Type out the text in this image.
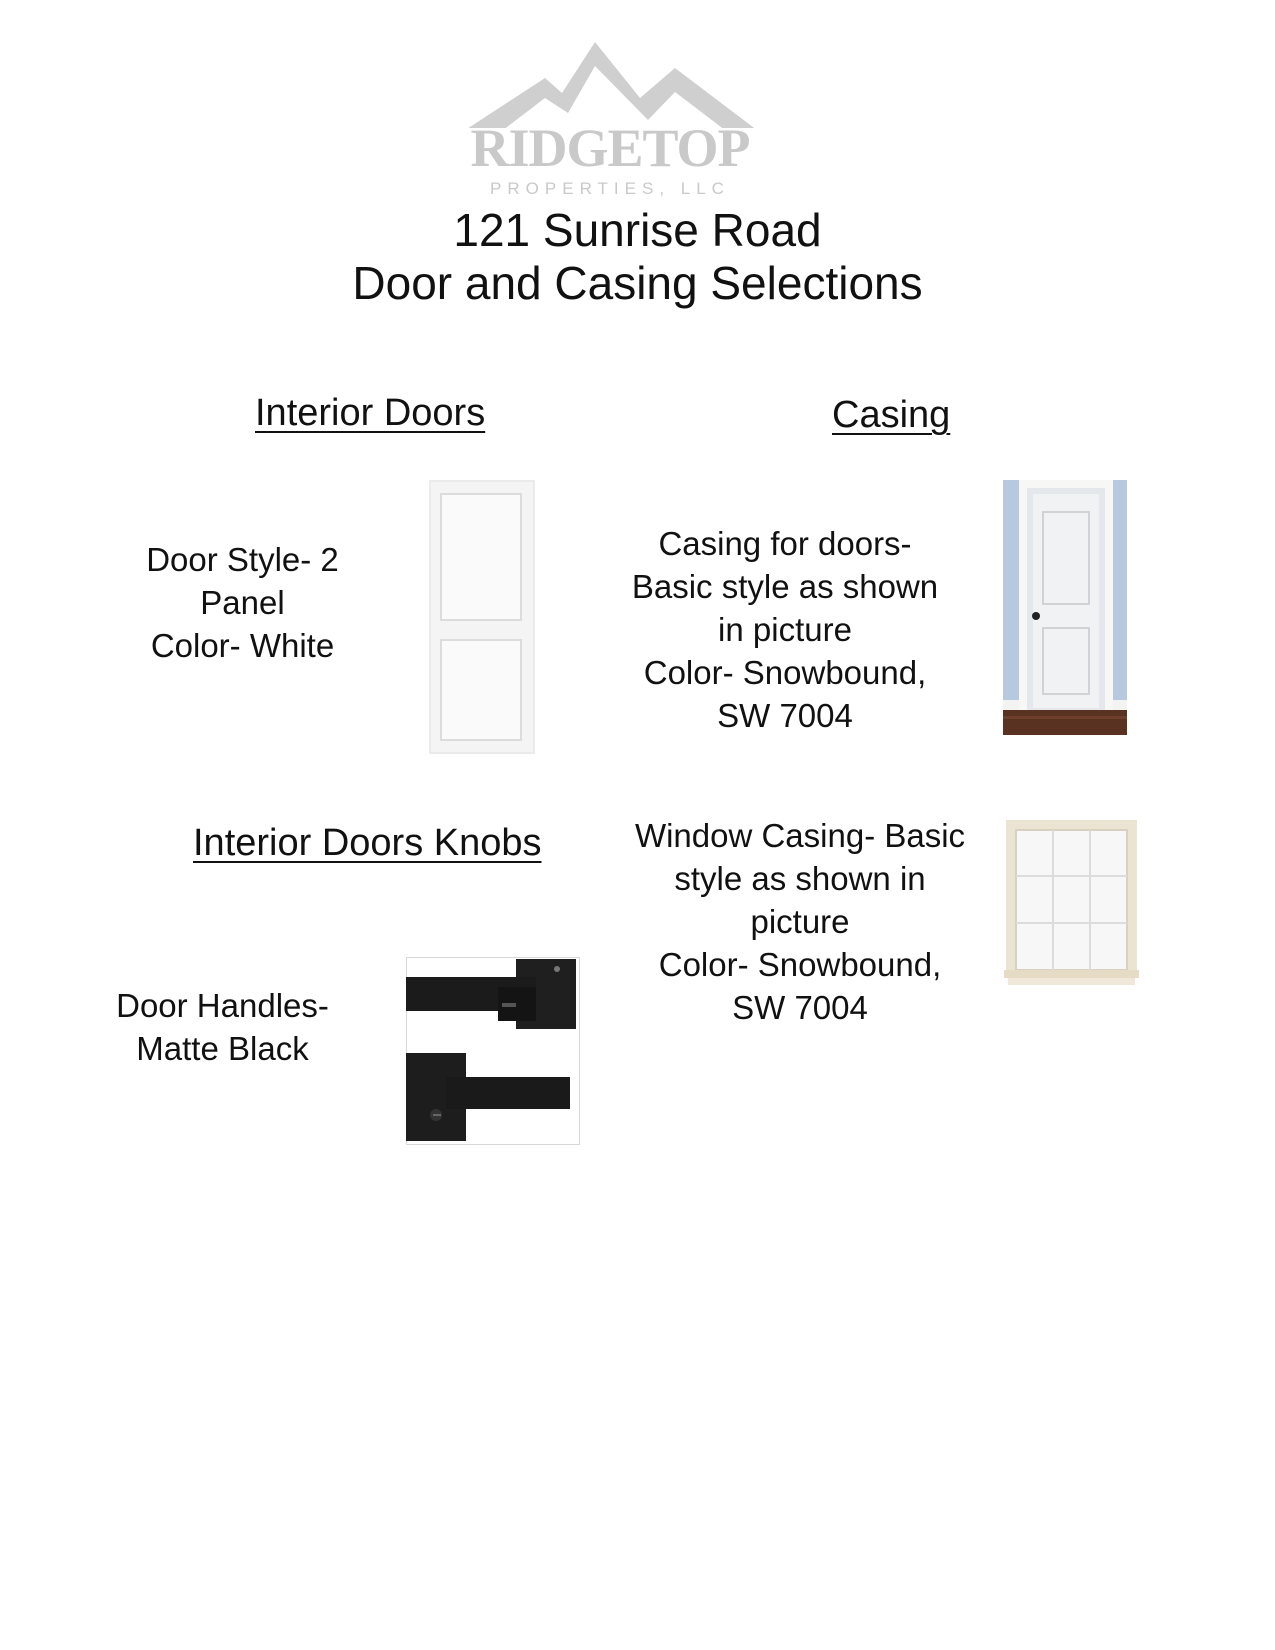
RIDGETOP
PROPERTIES, LLC
121 Sunrise Road
Door and Casing Selections
Interior Doors	Casing
Interior Doors Knobs
Door Style- 2
Panel
Color- White
Casing for doors-
Basic style as shown
in picture
Color- Snowbound,
SW 7004
Window Casing- Basic
style as shown in
picture
Color- Snowbound,
SW 7004
Door Handles-
Matte Black
